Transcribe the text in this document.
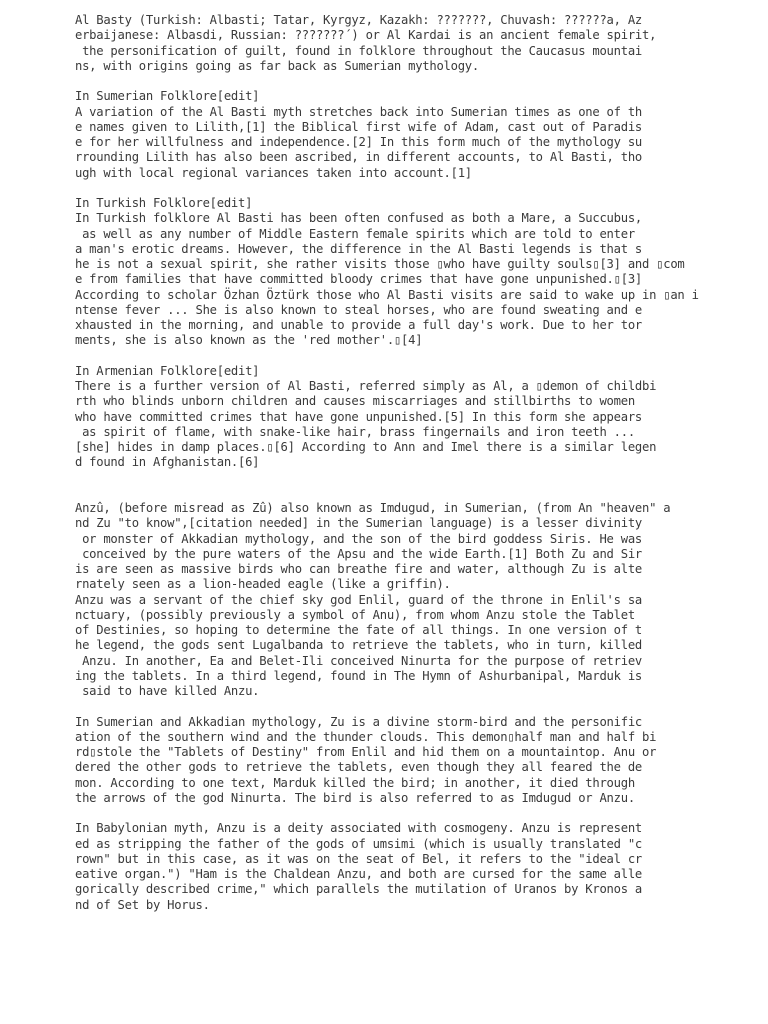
Al Basty (Turkish: Albasti; Tatar, Kyrgyz, Kazakh: ???????, Chuvash: ??????a, Az
erbaijanese: Albasdi, Russian: ???????´) or Al Kardai is an ancient female spirit,
the personification of guilt, found in folklore throughout the Caucasus mountai
ns, with origins going as far back as Sumerian mythology.
In Sumerian Folklore[edit]
A variation of the Al Basti myth stretches back into Sumerian times as one of th
e names given to Lilith,[1] the Biblical first wife of Adam, cast out of Paradis
e for her willfulness and independence.[2] In this form much of the mythology su
rrounding Lilith has also been ascribed, in different accounts, to Al Basti, tho
ugh with local regional variances taken into account.[1]
In Turkish Folklore[edit]
In Turkish folklore Al Basti has been often confused as both a Mare, a Succubus,
as well as any number of Middle Eastern female spirits which are told to enter
a man's erotic dreams. However, the difference in the Al Basti legends is that s
he is not a sexual spirit, she rather visits those ▯who have guilty souls▯[3] and ▯com
e from families that have committed bloody crimes that have gone unpunished.▯[3]
According to scholar Özhan Öztürk those who Al Basti visits are said to wake up in ▯an i
ntense fever ... She is also known to steal horses, who are found sweating and e
xhausted in the morning, and unable to provide a full day's work. Due to her tor
ments, she is also known as the 'red mother'.▯[4]
In Armenian Folklore[edit]
There is a further version of Al Basti, referred simply as Al, a ▯demon of childbi
rth who blinds unborn children and causes miscarriages and stillbirths to women
who have committed crimes that have gone unpunished.[5] In this form she appears
as spirit of flame, with snake-like hair, brass fingernails and iron teeth ...
[she] hides in damp places.▯[6] According to Ann and Imel there is a similar legen
d found in Afghanistan.[6]
Anzû, (before misread as Zû) also known as Imdugud, in Sumerian, (from An "heaven" a
nd Zu "to know",[citation needed] in the Sumerian language) is a lesser divinity
or monster of Akkadian mythology, and the son of the bird goddess Siris. He was
conceived by the pure waters of the Apsu and the wide Earth.[1] Both Zu and Sir
is are seen as massive birds who can breathe fire and water, although Zu is alte
rnately seen as a lion-headed eagle (like a griffin).
Anzu was a servant of the chief sky god Enlil, guard of the throne in Enlil's sa
nctuary, (possibly previously a symbol of Anu), from whom Anzu stole the Tablet
of Destinies, so hoping to determine the fate of all things. In one version of t
he legend, the gods sent Lugalbanda to retrieve the tablets, who in turn, killed
Anzu. In another, Ea and Belet-Ili conceived Ninurta for the purpose of retriev
ing the tablets. In a third legend, found in The Hymn of Ashurbanipal, Marduk is
said to have killed Anzu.
In Sumerian and Akkadian mythology, Zu is a divine storm-bird and the personific
ation of the southern wind and the thunder clouds. This demon▯half man and half bi
rd▯stole the "Tablets of Destiny" from Enlil and hid them on a mountaintop. Anu or
dered the other gods to retrieve the tablets, even though they all feared the de
mon. According to one text, Marduk killed the bird; in another, it died through
the arrows of the god Ninurta. The bird is also referred to as Imdugud or Anzu.
In Babylonian myth, Anzu is a deity associated with cosmogeny. Anzu is represent
ed as stripping the father of the gods of umsimi (which is usually translated "c
rown" but in this case, as it was on the seat of Bel, it refers to the "ideal cr
eative organ.") "Ham is the Chaldean Anzu, and both are cursed for the same alle
gorically described crime," which parallels the mutilation of Uranos by Kronos a
nd of Set by Horus.
